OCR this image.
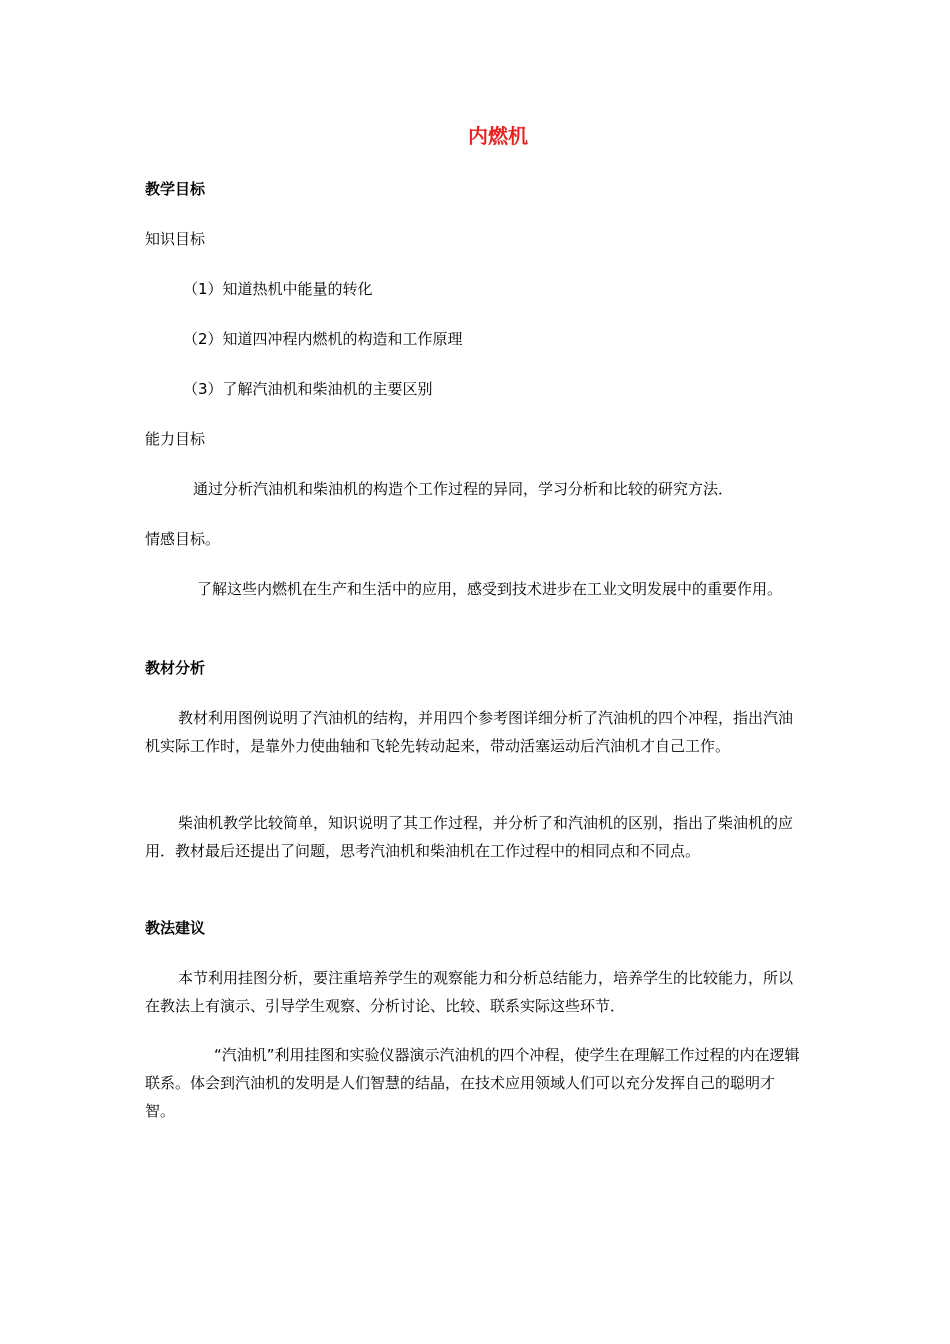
内燃机

教学目标

知识目标

（1）知道热机中能量的转化

（2）知道四冲程内燃机的构造和工作原理

（3）了解汽油机和柴油机的主要区别

能力目标

通过分析汽油机和柴油机的构造个工作过程的异同，学习分析和比较的研究方法．

情感目标。

了解这些内燃机在生产和生活中的应用，感受到技术进步在工业文明发展中的重要作用。

教材分析

教材利用图例说明了汽油机的结构，并用四个参考图详细分析了汽油机的四个冲程，指出汽油机实际工作时，是靠外力使曲轴和飞轮先转动起来，带动活塞运动后汽油机才自己工作。

柴油机教学比较简单，知识说明了其工作过程，并分析了和汽油机的区别，指出了柴油机的应用．教材最后还提出了问题，思考汽油机和柴油机在工作过程中的相同点和不同点。

教法建议

本节利用挂图分析，要注重培养学生的观察能力和分析总结能力，培养学生的比较能力，所以在教法上有演示、引导学生观察、分析讨论、比较、联系实际这些环节．

“汽油机”利用挂图和实验仪器演示汽油机的四个冲程，使学生在理解工作过程的内在逻辑联系。体会到汽油机的发明是人们智慧的结晶，在技术应用领域人们可以充分发挥自己的聪明才智。
